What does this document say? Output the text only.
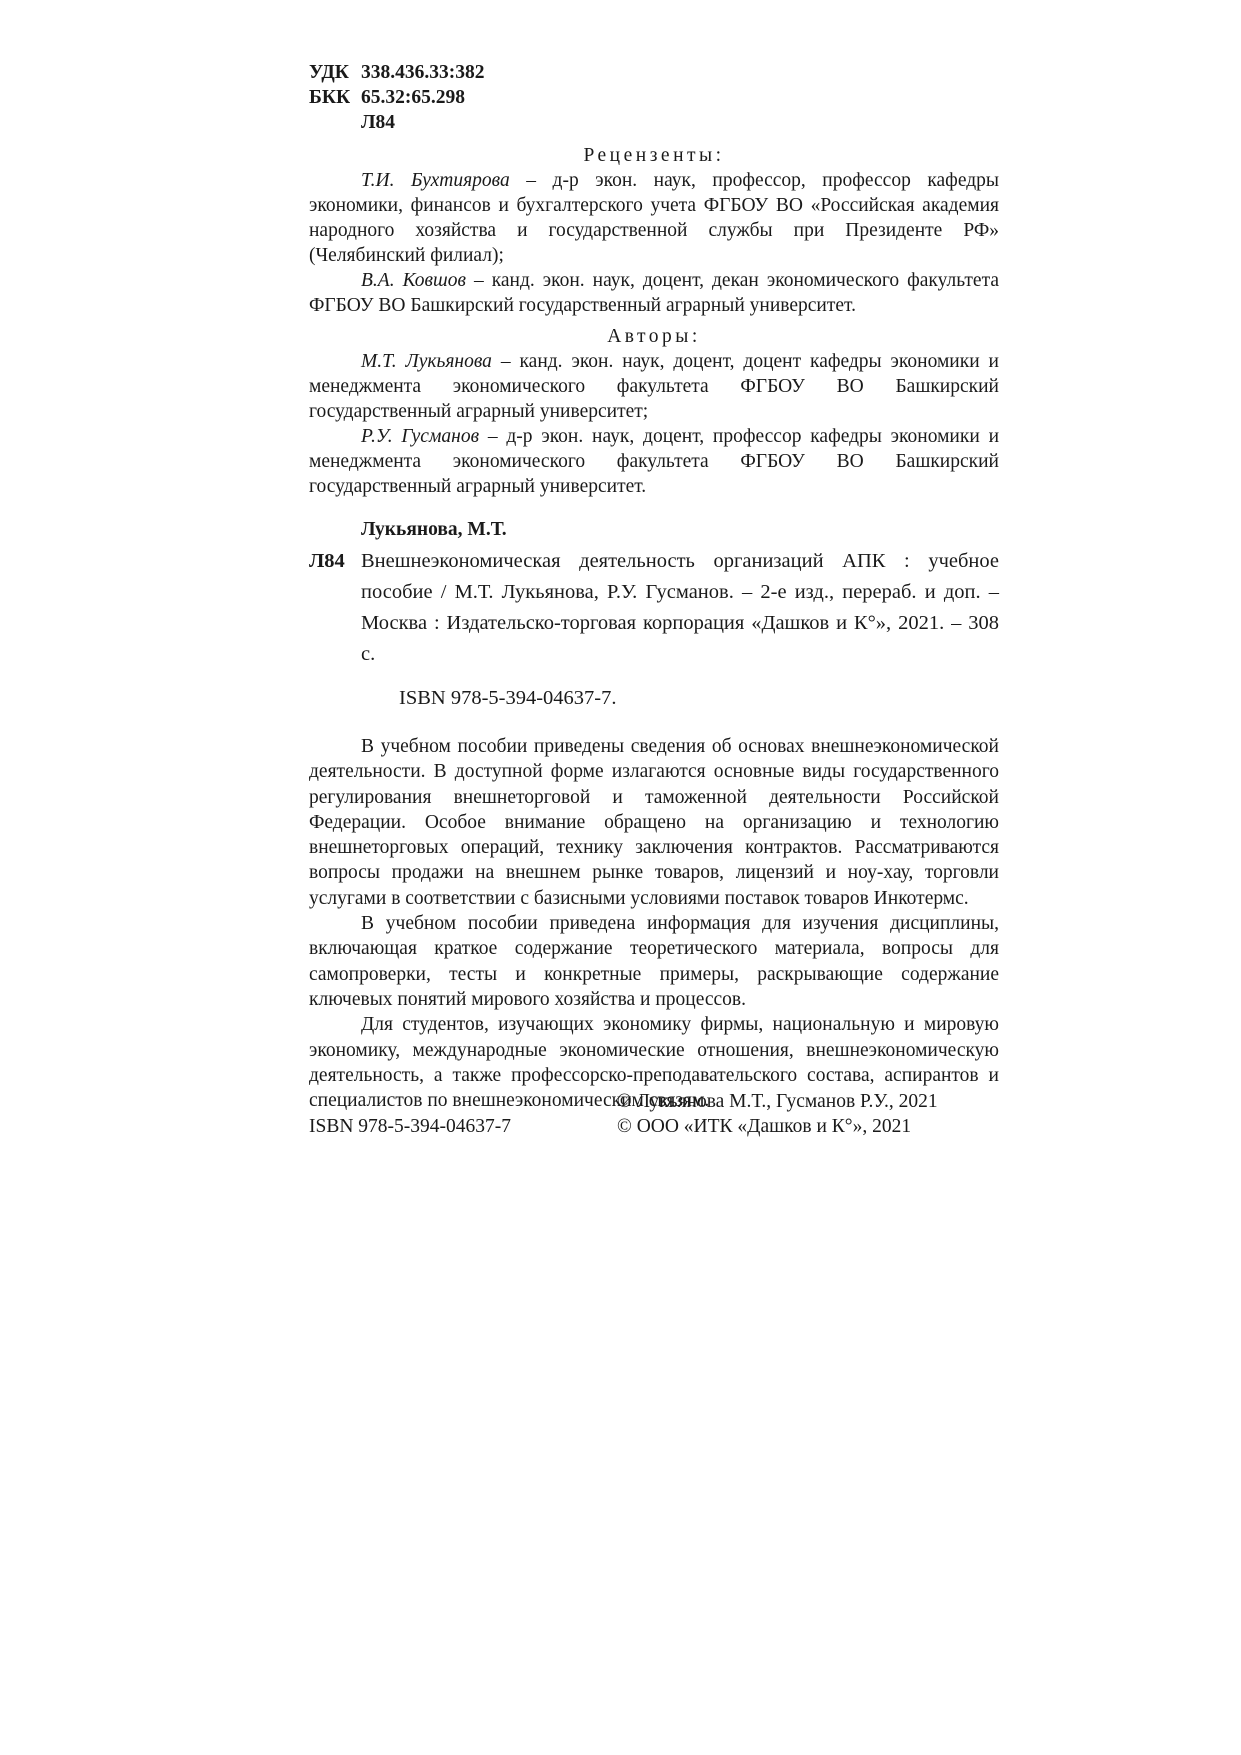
УДК 338.436.33:382
БКК 65.32:65.298
Л84
Рецензенты:

Т.И. Бухтиярова – д-р экон. наук, профессор, профессор кафедры экономики, финансов и бухгалтерского учета ФГБОУ ВО «Российская академия народного хозяйства и государственной службы при Президенте РФ» (Челябинский филиал);

В.А. Ковшов – канд. экон. наук, доцент, декан экономического факультета ФГБОУ ВО Башкирский государственный аграрный университет.

Авторы:

М.Т. Лукьянова – канд. экон. наук, доцент, доцент кафедры экономики и менеджмента экономического факультета ФГБОУ ВО Башкирский государственный аграрный университет;

Р.У. Гусманов – д-р экон. наук, доцент, профессор кафедры экономики и менеджмента экономического факультета ФГБОУ ВО Башкирский государственный аграрный университет.

Лукьянова, М.Т.
Л84 Внешнеэкономическая деятельность организаций АПК : учебное пособие / М.Т. Лукьянова, Р.У. Гусманов. – 2-е изд., перераб. и доп. – Москва : Издательско-торговая корпорация «Дашков и К°», 2021. – 308 с.
ISBN 978-5-394-04637-7.

В учебном пособии приведены сведения об основах внешнеэкономической деятельности. В доступной форме излагаются основные виды государственного регулирования внешнеторговой и таможенной деятельности Российской Федерации. Особое внимание обращено на организацию и технологию внешнеторговых операций, технику заключения контрактов. Рассматриваются вопросы продажи на внешнем рынке товаров, лицензий и ноу-хау, торговли услугами в соответствии с базисными условиями поставок товаров Инкотермс.

В учебном пособии приведена информация для изучения дисциплины, включающая краткое содержание теоретического материала, вопросы для самопроверки, тесты и конкретные примеры, раскрывающие содержание ключевых понятий мирового хозяйства и процессов.

Для студентов, изучающих экономику фирмы, национальную и мировую экономику, международные экономические отношения, внешнеэкономическую деятельность, а также профессорско-преподавательского состава, аспирантов и специалистов по внешнеэкономическим связям.

© Лукьянова М.Т., Гусманов Р.У., 2021
ISBN 978-5-394-04637-7	© ООО «ИТК «Дашков и К°», 2021
